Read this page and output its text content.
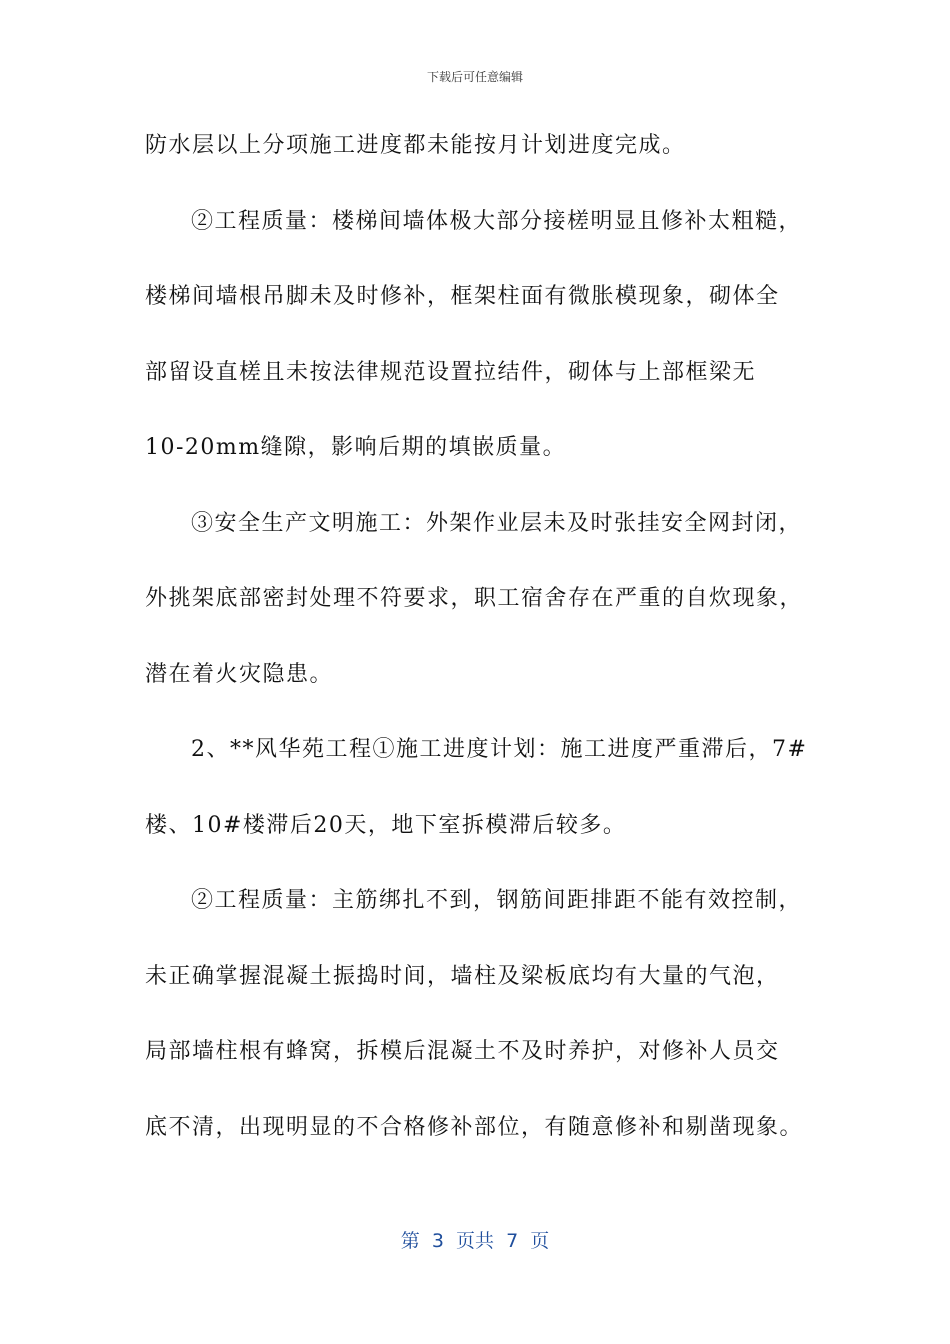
下载后可任意编辑
防水层以上分项施工进度都未能按月计划进度完成。
②工程质量：楼梯间墙体极大部分接槎明显且修补太粗糙，
楼梯间墙根吊脚未及时修补，框架柱面有微胀模现象，砌体全
部留设直槎且未按法律规范设置拉结件，砌体与上部框梁无
10-20mm缝隙，影响后期的填嵌质量。
③安全生产文明施工：外架作业层未及时张挂安全网封闭，
外挑架底部密封处理不符要求，职工宿舍存在严重的自炊现象，
潜在着火灾隐患。
2、**风华苑工程①施工进度计划：施工进度严重滞后，7#
楼、10#楼滞后20天，地下室拆模滞后较多。
②工程质量：主筋绑扎不到，钢筋间距排距不能有效控制，
未正确掌握混凝土振捣时间，墙柱及梁板底均有大量的气泡，
局部墙柱根有蜂窝，拆模后混凝土不及时养护，对修补人员交
底不清，出现明显的不合格修补部位，有随意修补和剔凿现象。
第  3  页共  7  页
